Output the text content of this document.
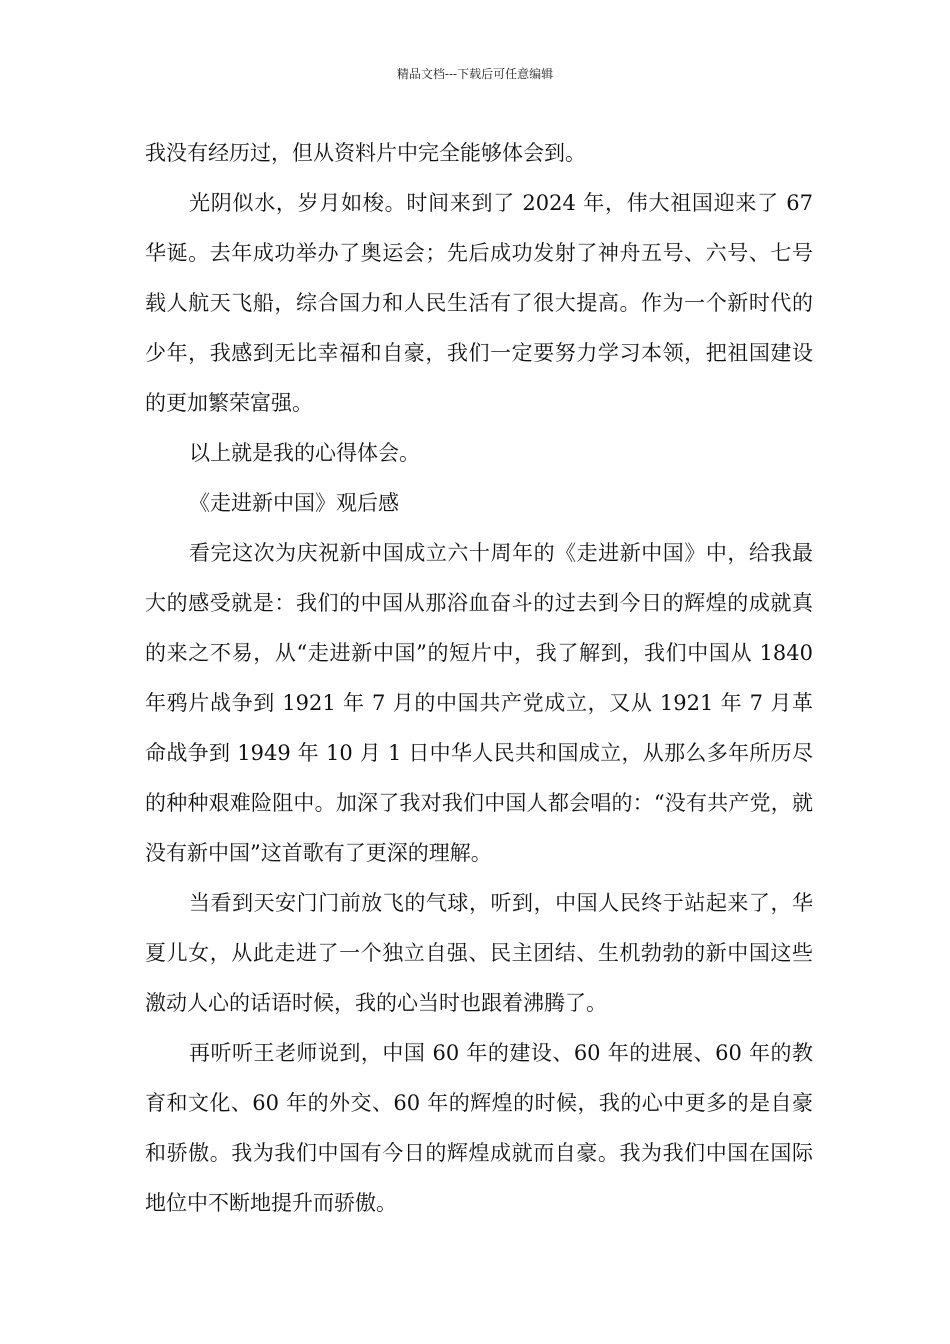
精品文档---下载后可任意编辑

我没有经历过，但从资料片中完全能够体会到。

光阴似水，岁月如梭。时间来到了 2024 年，伟大祖国迎来了 67 华诞。去年成功举办了奥运会；先后成功发射了神舟五号、六号、七号载人航天飞船，综合国力和人民生活有了很大提高。作为一个新时代的少年，我感到无比幸福和自豪，我们一定要努力学习本领，把祖国建设的更加繁荣富强。

以上就是我的心得体会。

《走进新中国》观后感

看完这次为庆祝新中国成立六十周年的《走进新中国》中，给我最大的感受就是：我们的中国从那浴血奋斗的过去到今日的辉煌的成就真的来之不易，从“走进新中国”的短片中，我了解到，我们中国从 1840 年鸦片战争到 1921 年 7 月的中国共产党成立，又从 1921 年 7 月革命战争到 1949 年 10 月 1 日中华人民共和国成立，从那么多年所历尽的种种艰难险阻中。加深了我对我们中国人都会唱的：“没有共产党，就没有新中国”这首歌有了更深的理解。

当看到天安门门前放飞的气球，听到，中国人民终于站起来了，华夏儿女，从此走进了一个独立自强、民主团结、生机勃勃的新中国这些激动人心的话语时候，我的心当时也跟着沸腾了。

再听听王老师说到，中国 60 年的建设、60 年的进展、60 年的教育和文化、60 年的外交、60 年的辉煌的时候，我的心中更多的是自豪和骄傲。我为我们中国有今日的辉煌成就而自豪。我为我们中国在国际地位中不断地提升而骄傲。
